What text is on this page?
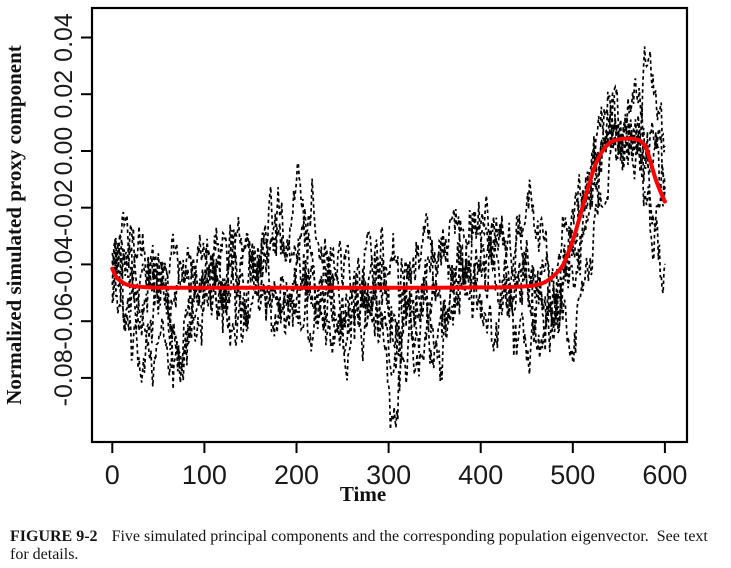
0 100 200 300 400 500 600
0.04
0.02
0.00
-0.02
-0.04
-0.06
-0.08
Time
Normalized simulated proxy component

FIGURE 9-2 Five simulated principal components and the corresponding population eigenvector.  See text for details.
